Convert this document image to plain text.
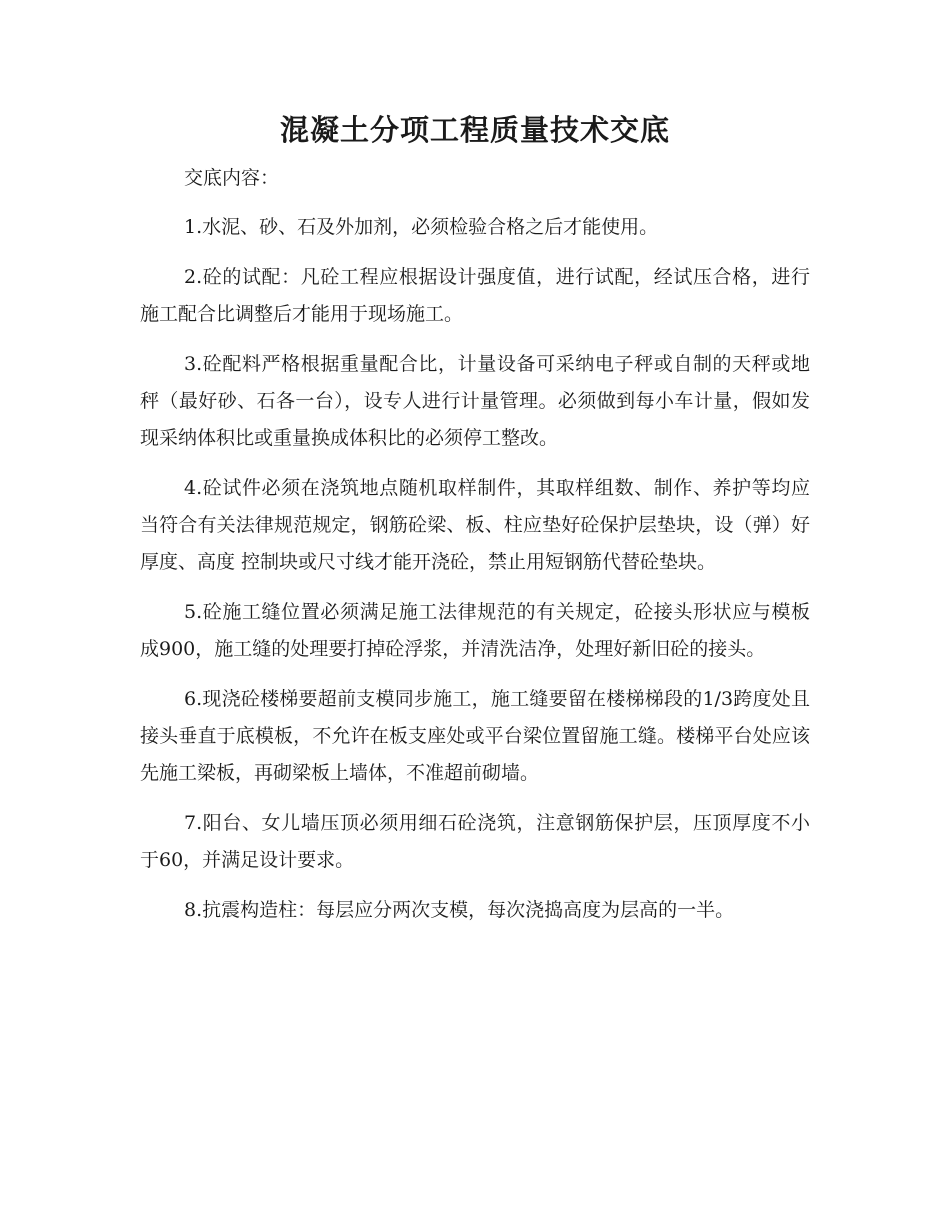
混凝土分项工程质量技术交底

交底内容：

1.水泥、砂、石及外加剂，必须检验合格之后才能使用。

2.砼的试配：凡砼工程应根据设计强度值，进行试配，经试压合格，进行施工配合比调整后才能用于现场施工。

3.砼配料严格根据重量配合比，计量设备可采纳电子秤或自制的天秤或地秤（最好砂、石各一台），设专人进行计量管理。必须做到每小车计量，假如发现采纳体积比或重量换成体积比的必须停工整改。

4.砼试件必须在浇筑地点随机取样制件，其取样组数、制作、养护等均应当符合有关法律规范规定，钢筋砼梁、板、柱应垫好砼保护层垫块，设（弹）好厚度、高度 控制块或尺寸线才能开浇砼，禁止用短钢筋代替砼垫块。

5.砼施工缝位置必须满足施工法律规范的有关规定，砼接头形状应与模板成900，施工缝的处理要打掉砼浮浆，并清洗洁净，处理好新旧砼的接头。

6.现浇砼楼梯要超前支模同步施工，施工缝要留在楼梯梯段的1/3跨度处且接头垂直于底模板，不允许在板支座处或平台梁位置留施工缝。楼梯平台处应该先施工梁板，再砌梁板上墙体，不准超前砌墙。

7.阳台、女儿墙压顶必须用细石砼浇筑，注意钢筋保护层，压顶厚度不小于60，并满足设计要求。

8.抗震构造柱：每层应分两次支模，每次浇捣高度为层高的一半。
